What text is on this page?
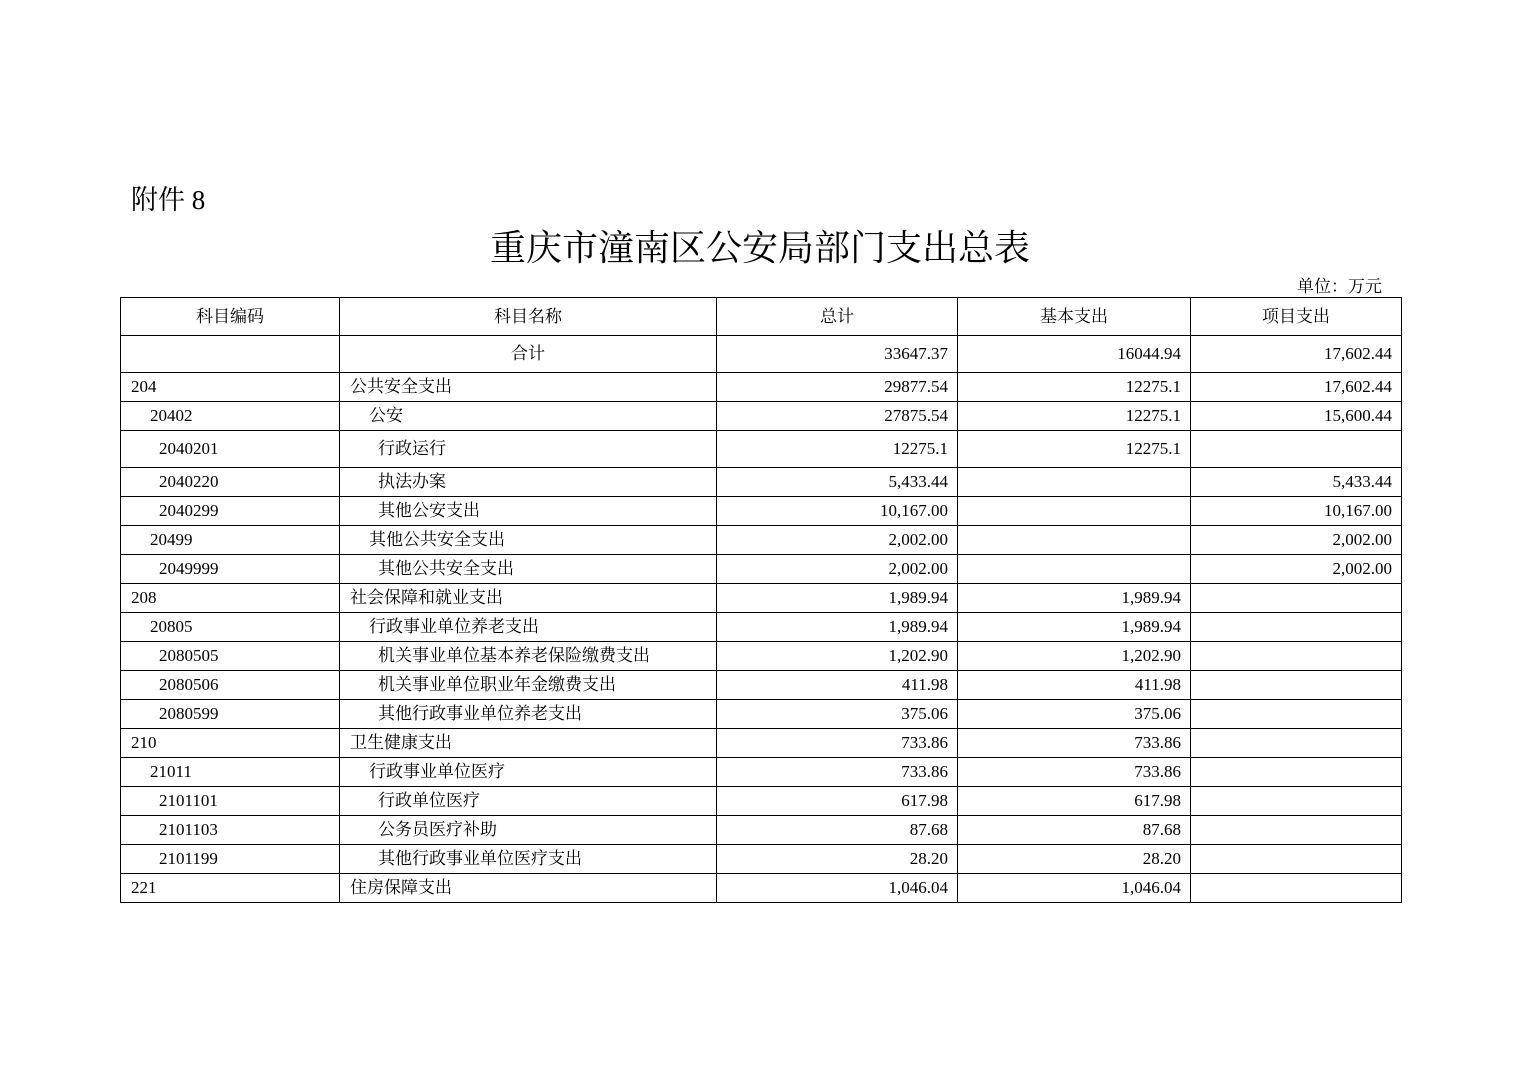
附件 8
重庆市潼南区公安局部门支出总表
单位：万元
科目编码	科目名称	总计	基本支出	项目支出
	合计	33647.37	16044.94	17,602.44
204	公共安全支出	29877.54	12275.1	17,602.44
20402	公安	27875.54	12275.1	15,600.44
2040201	行政运行	12275.1	12275.1	
2040220	执法办案	5,433.44		5,433.44
2040299	其他公安支出	10,167.00		10,167.00
20499	其他公共安全支出	2,002.00		2,002.00
2049999	其他公共安全支出	2,002.00		2,002.00
208	社会保障和就业支出	1,989.94	1,989.94	
20805	行政事业单位养老支出	1,989.94	1,989.94	
2080505	机关事业单位基本养老保险缴费支出	1,202.90	1,202.90	
2080506	机关事业单位职业年金缴费支出	411.98	411.98	
2080599	其他行政事业单位养老支出	375.06	375.06	
210	卫生健康支出	733.86	733.86	
21011	行政事业单位医疗	733.86	733.86	
2101101	行政单位医疗	617.98	617.98	
2101103	公务员医疗补助	87.68	87.68	
2101199	其他行政事业单位医疗支出	28.20	28.20	
221	住房保障支出	1,046.04	1,046.04	
